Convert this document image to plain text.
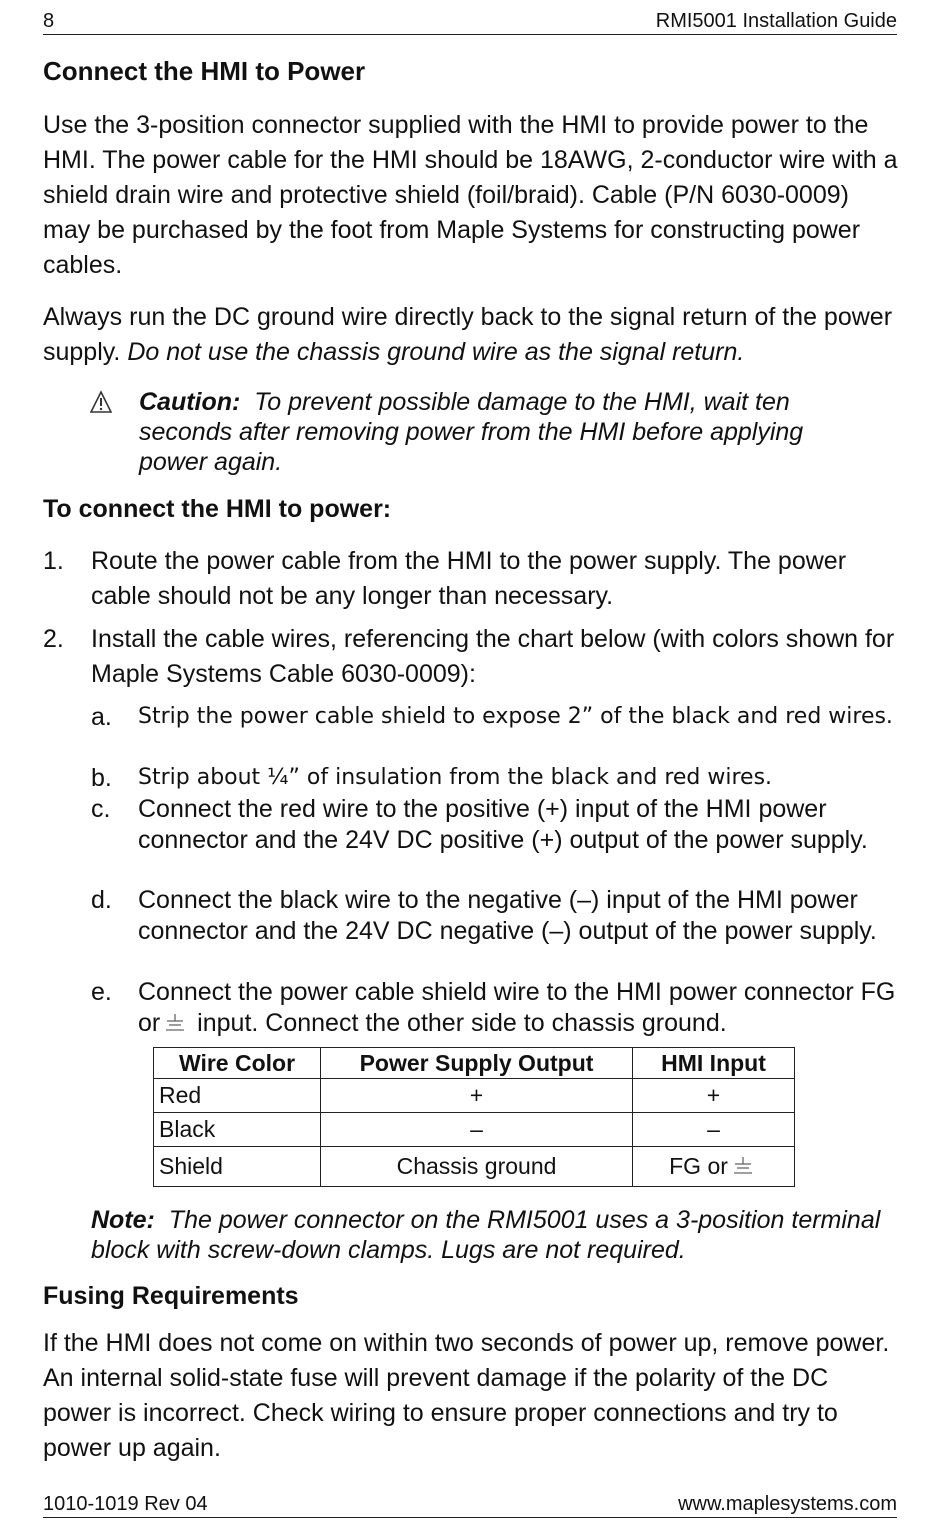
8	RMI5001 Installation Guide
Connect the HMI to Power

Use the 3-position connector supplied with the HMI to provide power to the HMI. The power cable for the HMI should be 18AWG, 2-conductor wire with a shield drain wire and protective shield (foil/braid). Cable (P/N 6030-0009) may be purchased by the foot from Maple Systems for constructing power cables.

Always run the DC ground wire directly back to the signal return of the power supply. Do not use the chassis ground wire as the signal return.

Caution: To prevent possible damage to the HMI, wait ten seconds after removing power from the HMI before applying power again.
To connect the HMI to power:
1. Route the power cable from the HMI to the power supply. The power cable should not be any longer than necessary.
2. Install the cable wires, referencing the chart below (with colors shown for Maple Systems Cable 6030-0009):
a. Strip the power cable shield to expose 2” of the black and red wires.
b. Strip about ¼” of insulation from the black and red wires.
c. Connect the red wire to the positive (+) input of the HMI power connector and the 24V DC positive (+) output of the power supply.
d. Connect the black wire to the negative (–) input of the HMI power connector and the 24V DC negative (–) output of the power supply.
e. Connect the power cable shield wire to the HMI power connector FG or input. Connect the other side to chassis ground.
Wire Color	Power Supply Output	HMI Input
Red	+	+
Black	–	–
Shield	Chassis ground	FG or
Note: The power connector on the RMI5001 uses a 3-position terminal block with screw-down clamps. Lugs are not required.
Fusing Requirements

If the HMI does not come on within two seconds of power up, remove power. An internal solid-state fuse will prevent damage if the polarity of the DC power is incorrect. Check wiring to ensure proper connections and try to power up again.

1010-1019 Rev 04	www.maplesystems.com
